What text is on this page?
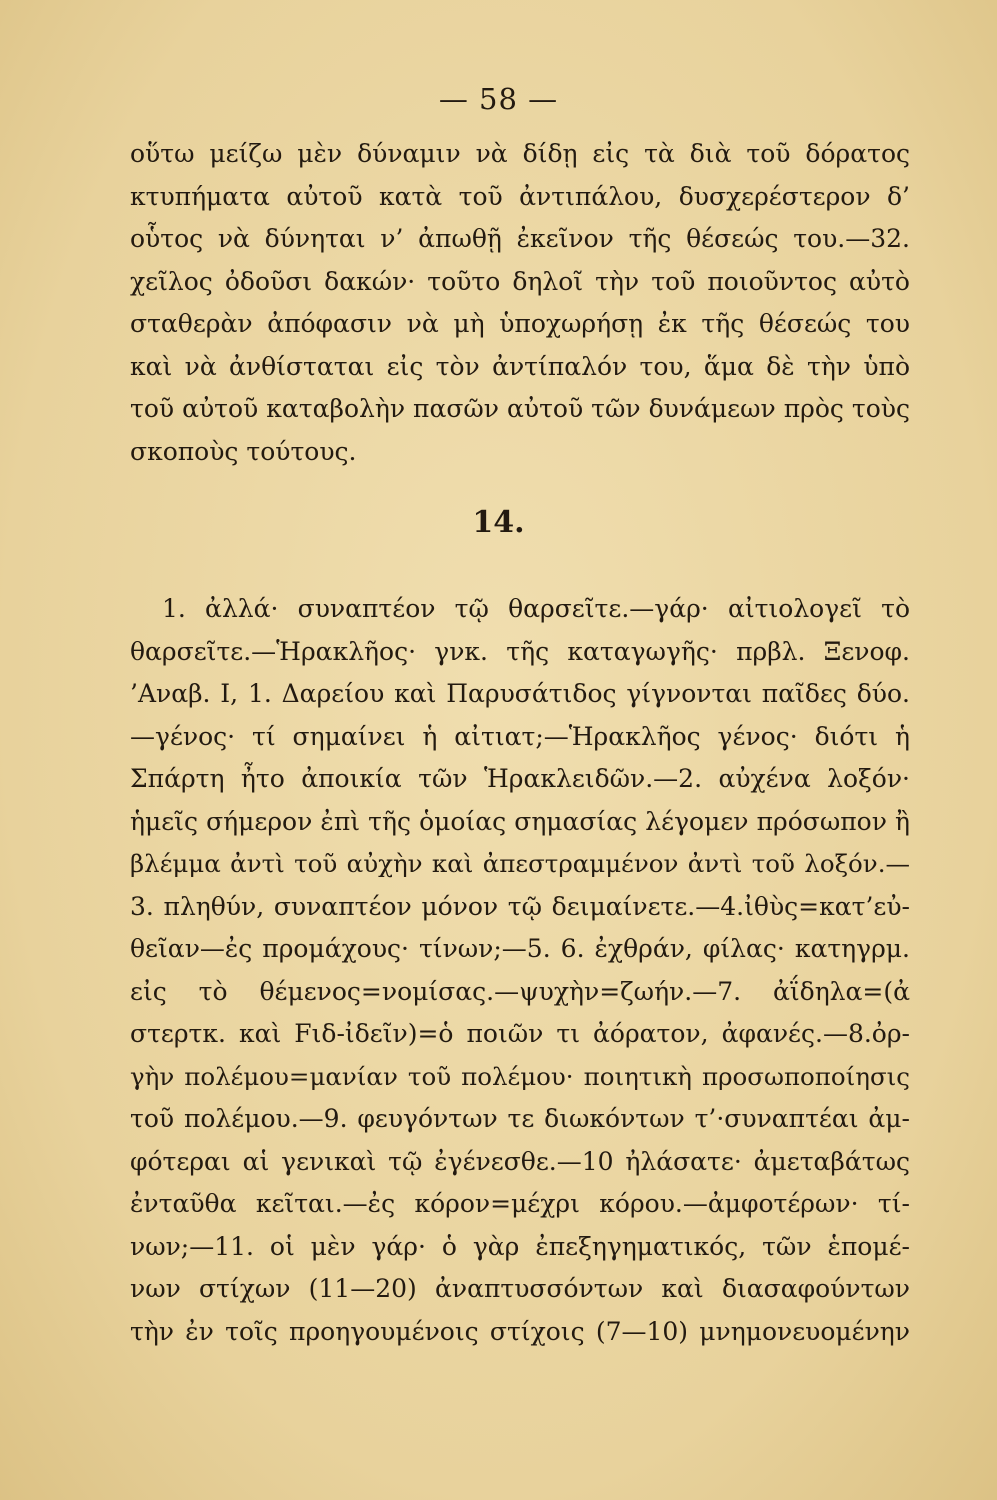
— 58 —
οὕτω μείζω μὲν δύναμιν νὰ δίδῃ εἰς τὰ διὰ τοῦ δόρατος
κτυπήματα αὐτοῦ κατὰ τοῦ ἀντιπάλου, δυσχερέστερον δ’
οὗτος νὰ δύνηται ν’ ἀπωθῇ ἐκεῖνον τῆς θέσεώς του.—32.
χεῖλος ὀδοῦσι δακών· τοῦτο δηλοῖ τὴν τοῦ ποιοῦντος αὐτὸ
σταθερὰν ἀπόφασιν νὰ μὴ ὑποχωρήσῃ ἐκ τῆς θέσεώς του
καὶ νὰ ἀνθίσταται εἰς τὸν ἀντίπαλόν του, ἅμα δὲ τὴν ὑπὸ
τοῦ αὐτοῦ καταβολὴν πασῶν αὐτοῦ τῶν δυνάμεων πρὸς τοὺς
σκοποὺς τούτους.
14.
1. ἀλλά· συναπτέον τῷ θαρσεῖτε.—γάρ· αἰτιολογεῖ τὸ
θαρσεῖτε.—Ἡρακλῆος· γνκ. τῆς καταγωγῆς· πρβλ. Ξενοφ.
’Αναβ. Ι, 1. Δαρείου καὶ Παρυσάτιδος γίγνονται παῖδες δύο.
—γένος· τί σημαίνει ἡ αἰτιατ;—Ἡρακλῆος γένος· διότι ἡ
Σπάρτη ἦτο ἀποικία τῶν Ἡρακλειδῶν.—2. αὐχένα λοξόν·
ἡμεῖς σήμερον ἐπὶ τῆς ὁμοίας σημασίας λέγομεν πρόσωπον ἢ
βλέμμα ἀντὶ τοῦ αὐχὴν καὶ ἀπεστραμμένον ἀντὶ τοῦ λοξόν.—
3. πληθύν, συναπτέον μόνον τῷ δειμαίνετε.—4.ἰθὺς=κατ’εὐ-
θεῖαν—ἐς προμάχους· τίνων;—5. 6. ἐχθράν, φίλας· κατηγρμ.
εἰς τὸ θέμενος=νομίσας.—ψυχὴν=ζωήν.—7. ἀΐδηλα=(ἀ
στερτκ. καὶ Fιδ-ἰδεῖν)=ὁ ποιῶν τι ἀόρατον, ἀφανές.—8.ὀρ-
γὴν πολέμου=μανίαν τοῦ πολέμου· ποιητικὴ προσωποποίησις
τοῦ πολέμου.—9. φευγόντων τε διωκόντων τ’·συναπτέαι ἀμ-
φότεραι αἱ γενικαὶ τῷ ἐγένεσθε.—10 ἠλάσατε· ἀμεταβάτως
ἐνταῦθα κεῖται.—ἐς κόρον=μέχρι κόρου.—ἀμφοτέρων· τί-
νων;—11. οἱ μὲν γάρ· ὁ γὰρ ἐπεξηγηματικός, τῶν ἑπομέ-
νων στίχων (11—20) ἀναπτυσσόντων καὶ διασαφούντων
τὴν ἐν τοῖς προηγουμένοις στίχοις (7—10) μνημονευομένην
